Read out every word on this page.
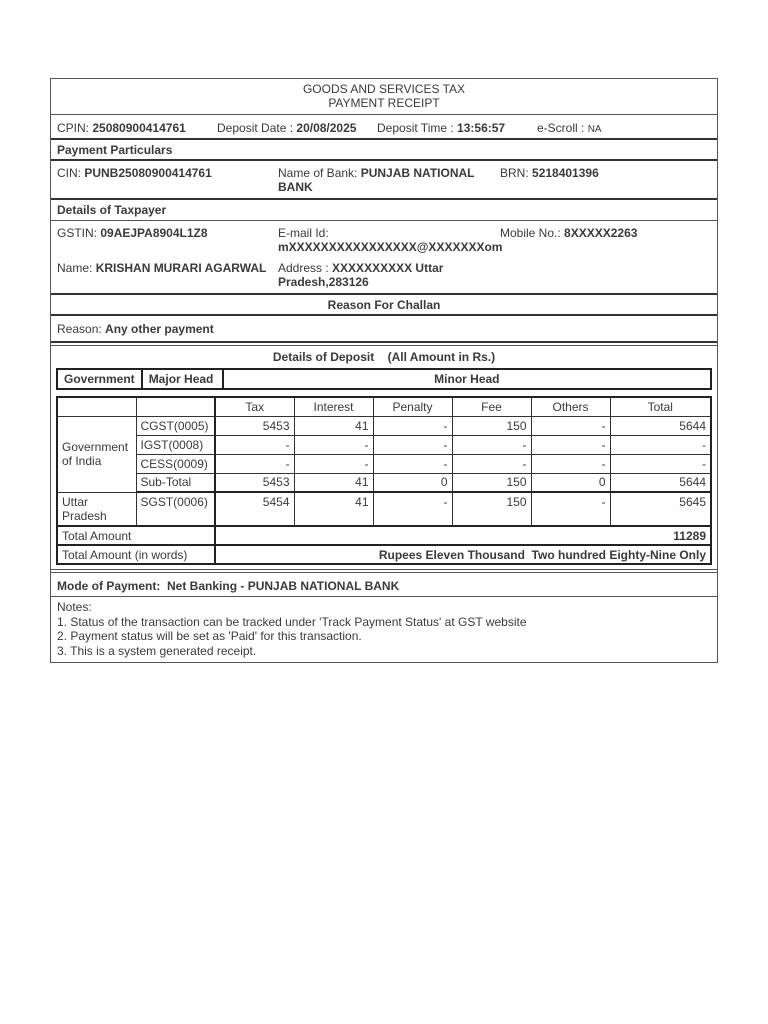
GOODS AND SERVICES TAX
PAYMENT RECEIPT
CPIN: 25080900414761	Deposit Date : 20/08/2025 Deposit Time : 13:56:57	e-Scroll : NA
Payment Particulars
CIN: PUNB25080900414761	Name of Bank: PUNJAB NATIONAL
BANK
BRN: 5218401396
Details of Taxpayer
GSTIN: 09AEJPA8904L1Z8	E-mail Id:
mXXXXXXXXXXXXXXXX@XXXXXXXom
Mobile No.: 8XXXXX2263
Name: KRISHAN MURARI AGARWAL Address : XXXXXXXXXX Uttar
Pradesh,283126
Reason For Challan
Reason: Any other payment
Details of Deposit (All Amount in Rs.)
Government	Major Head	Minor Head
		Tax	Interest	Penalty	Fee	Others	Total
Government of India	CGST(0005)	5453	41	-	150	-	5644
	IGST(0008)	-	-	-	-	-	-
	CESS(0009)	-	-	-	-	-	-
	Sub-Total	5453	41	0	150	0	5644
Uttar Pradesh	SGST(0006)	5454	41	-	150	-	5645
Total Amount		11289					
Total Amount (in words)		Rupees Eleven Thousand  Two hundred Eighty-Nine Only					
Mode of Payment: Net Banking - PUNJAB NATIONAL BANK
Notes:
1. Status of the transaction can be tracked under 'Track Payment Status' at GST website
2. Payment status will be set as 'Paid' for this transaction.
3. This is a system generated receipt.
